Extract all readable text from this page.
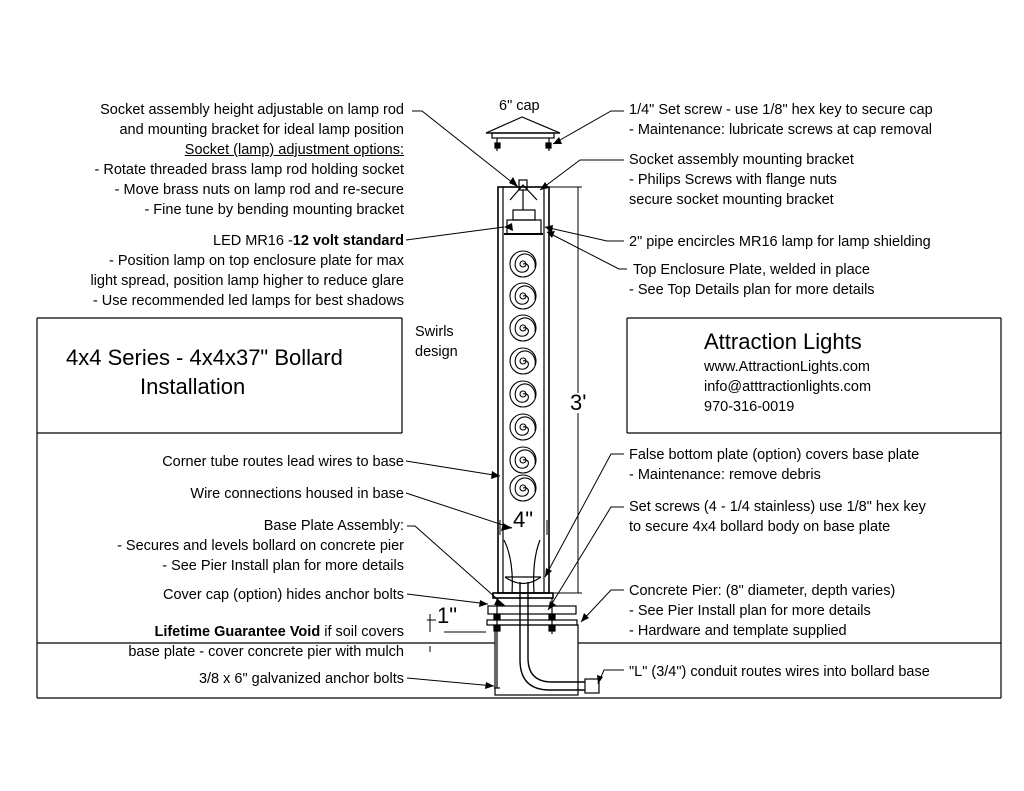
Socket assembly height adjustable on lamp rod
and mounting bracket for ideal lamp position
Socket (lamp) adjustment options:
- Rotate threaded brass lamp rod holding socket
- Move brass nuts on lamp rod and re-secure
- Fine tune by bending mounting bracket
LED MR16 -12 volt standard
- Position lamp on top enclosure plate for max
light spread, position lamp higher to reduce glare
- Use recommended led lamps for best shadows
Corner tube routes lead wires to base
Wire connections housed in base
Base Plate Assembly:
- Secures and levels bollard on concrete pier
- See Pier Install plan for more details
Cover cap (option) hides anchor bolts
Lifetime Guarantee Void if soil covers
base plate - cover concrete pier with mulch
3/8 x 6" galvanized anchor bolts
4x4 Series - 4x4x37" Bollard
Installation
6" cap
Swirls
design
3'
4"
1"
1/4" Set screw - use 1/8" hex key to secure cap
- Maintenance: lubricate screws at cap removal
Socket assembly mounting bracket
- Philips Screws with flange nuts
secure socket mounting bracket
2" pipe encircles MR16 lamp for lamp shielding
Top Enclosure Plate, welded in place
- See Top Details plan for more details
False bottom plate (option) covers base plate
- Maintenance: remove debris
Set screws (4 - 1/4 stainless) use 1/8" hex key
to secure 4x4 bollard body on base plate
Concrete Pier: (8" diameter, depth varies)
- See Pier Install plan for more details
- Hardware and template supplied
"L" (3/4") conduit routes wires into bollard base
Attraction Lights
www.AttractionLights.com
info@atttractionlights.com
970-316-0019
